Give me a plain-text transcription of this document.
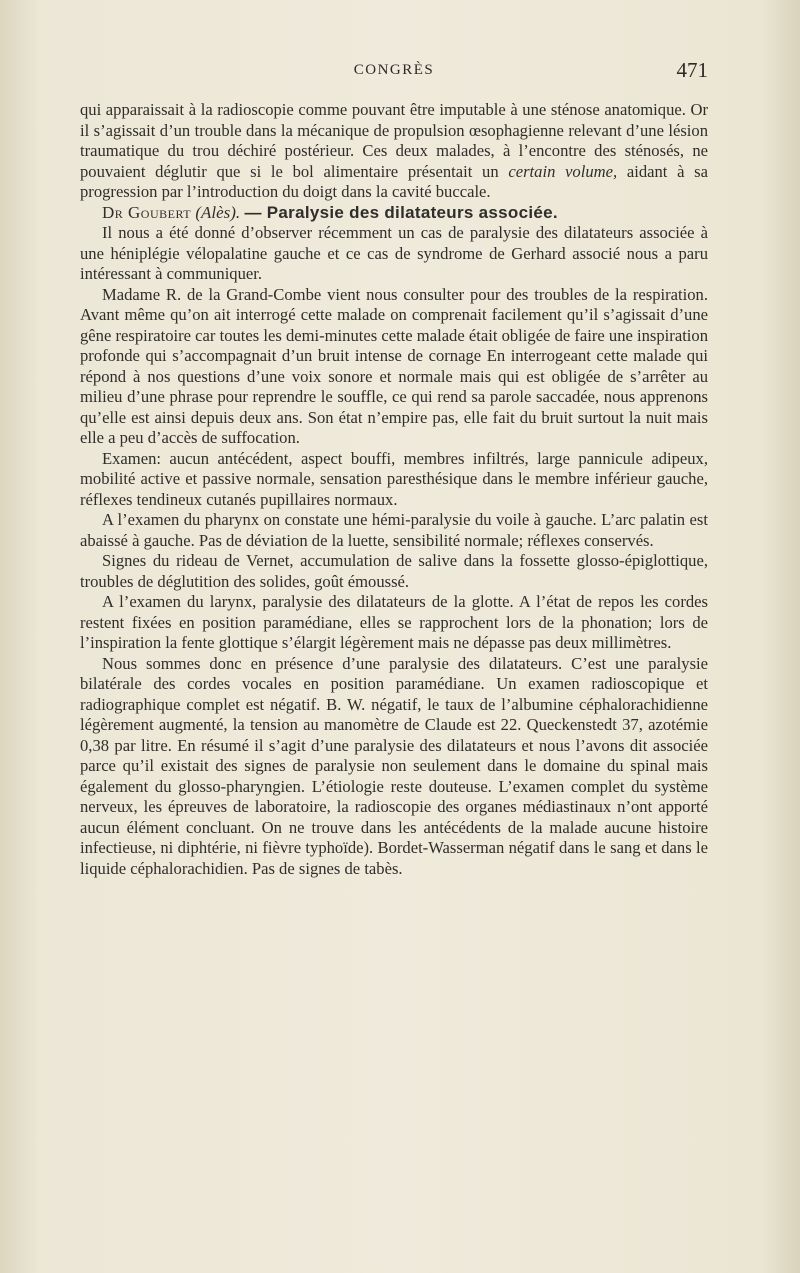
CONGRÈS	471

qui apparaissait à la radioscopie comme pouvant être imputable à une sténose anatomique. Or il s’agissait d’un trouble dans la mécanique de propulsion œsophagienne relevant d’une lésion traumatique du trou déchiré postérieur. Ces deux malades, à l’encontre des sténosés, ne pouvaient déglutir que si le bol alimentaire présentait un certain volume, aidant à sa progression par l’introduction du doigt dans la cavité buccale.

Dr Goubert (Alès). — Paralysie des dilatateurs associée.

Il nous a été donné d’observer récemment un cas de paralysie des dilatateurs associée à une héniplégie vélopalatine gauche et ce cas de syndrome de Gerhard associé nous a paru intéressant à communiquer.

Madame R. de la Grand-Combe vient nous consulter pour des troubles de la respiration. Avant même qu’on ait interrogé cette malade on comprenait facilement qu’il s’agissait d’une gêne respiratoire car toutes les demi-minutes cette malade était obligée de faire une inspiration profonde qui s’accompagnait d’un bruit intense de cornage En interrogeant cette malade qui répond à nos questions d’une voix sonore et normale mais qui est obligée de s’arrêter au milieu d’une phrase pour reprendre le souffle, ce qui rend sa parole saccadée, nous apprenons qu’elle est ainsi depuis deux ans. Son état n’empire pas, elle fait du bruit surtout la nuit mais elle a peu d’accès de suffocation.

Examen: aucun antécédent, aspect bouffi, membres infiltrés, large pannicule adipeux, mobilité active et passive normale, sensation paresthésique dans le membre inférieur gauche, réflexes tendineux cutanés pupillaires normaux.

A l’examen du pharynx on constate une hémi-paralysie du voile à gauche. L’arc palatin est abaissé à gauche. Pas de déviation de la luette, sensibilité normale; réflexes conservés.

Signes du rideau de Vernet, accumulation de salive dans la fossette glosso-épiglottique, troubles de déglutition des solides, goût émoussé.

A l’examen du larynx, paralysie des dilatateurs de la glotte. A l’état de repos les cordes restent fixées en position paramédiane, elles se rapprochent lors de la phonation; lors de l’inspiration la fente glottique s’élargit légèrement mais ne dépasse pas deux millimètres.

Nous sommes donc en présence d’une paralysie des dilatateurs. C’est une paralysie bilatérale des cordes vocales en position paramédiane. Un examen radioscopique et radiographique complet est négatif. B. W. négatif, le taux de l’albumine céphalorachidienne légèrement augmenté, la tension au manomètre de Claude est 22. Queckenstedt 37, azotémie 0,38 par litre. En résumé il s’agit d’une paralysie des dilatateurs et nous l’avons dit associée parce qu’il existait des signes de paralysie non seulement dans le domaine du spinal mais également du glosso-pharyngien. L’étiologie reste douteuse. L’examen complet du système nerveux, les épreuves de laboratoire, la radioscopie des organes médiastinaux n’ont apporté aucun élément concluant. On ne trouve dans les antécédents de la malade aucune histoire infectieuse, ni diphtérie, ni fièvre typhoïde). Bordet-Wasserman négatif dans le sang et dans le liquide céphalorachidien. Pas de signes de tabès.
